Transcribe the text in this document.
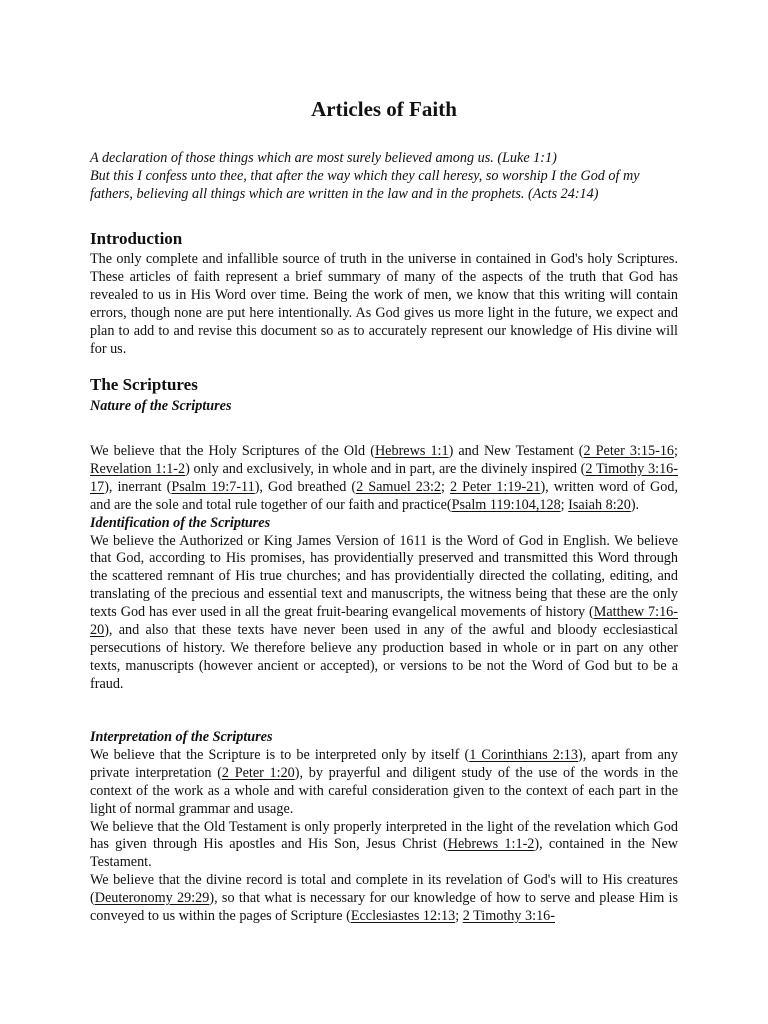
Articles of Faith
A declaration of those things which are most surely believed among us. (Luke 1:1)
But this I confess unto thee, that after the way which they call heresy, so worship I the God of my fathers, believing all things which are written in the law and in the prophets. (Acts 24:14)
Introduction

The only complete and infallible source of truth in the universe in contained in God's holy Scriptures. These articles of faith represent a brief summary of many of the aspects of the truth that God has revealed to us in His Word over time. Being the work of men, we know that this writing will contain errors, though none are put here intentionally. As God gives us more light in the future, we expect and plan to add to and revise this document so as to accurately represent our knowledge of His divine will for us.

The Scriptures
Nature of the Scriptures
We believe that the Holy Scriptures of the Old (Hebrews 1:1) and New Testament (2 Peter 3:15-16; Revelation 1:1-2) only and exclusively, in whole and in part, are the divinely inspired (2 Timothy 3:16-17), inerrant (Psalm 19:7-11), God breathed (2 Samuel 23:2; 2 Peter 1:19-21), written word of God, and are the sole and total rule together of our faith and practice(Psalm 119:104,128; Isaiah 8:20).
Identification of the Scriptures
We believe the Authorized or King James Version of 1611 is the Word of God in English. We believe that God, according to His promises, has providentially preserved and transmitted this Word through the scattered remnant of His true churches; and has providentially directed the collating, editing, and translating of the precious and essential text and manuscripts, the witness being that these are the only texts God has ever used in all the great fruit-bearing evangelical movements of history (Matthew 7:16-20), and also that these texts have never been used in any of the awful and bloody ecclesiastical persecutions of history. We therefore believe any production based in whole or in part on any other texts, manuscripts (however ancient or accepted), or versions to be not the Word of God but to be a fraud.
Interpretation of the Scriptures
We believe that the Scripture is to be interpreted only by itself (1 Corinthians 2:13), apart from any private interpretation (2 Peter 1:20), by prayerful and diligent study of the use of the words in the context of the work as a whole and with careful consideration given to the context of each part in the light of normal grammar and usage.
We believe that the Old Testament is only properly interpreted in the light of the revelation which God has given through His apostles and His Son, Jesus Christ (Hebrews 1:1-2), contained in the New Testament.
We believe that the divine record is total and complete in its revelation of God's will to His creatures (Deuteronomy 29:29), so that what is necessary for our knowledge of how to serve and please Him is conveyed to us within the pages of Scripture (Ecclesiastes 12:13; 2 Timothy 3:16-
